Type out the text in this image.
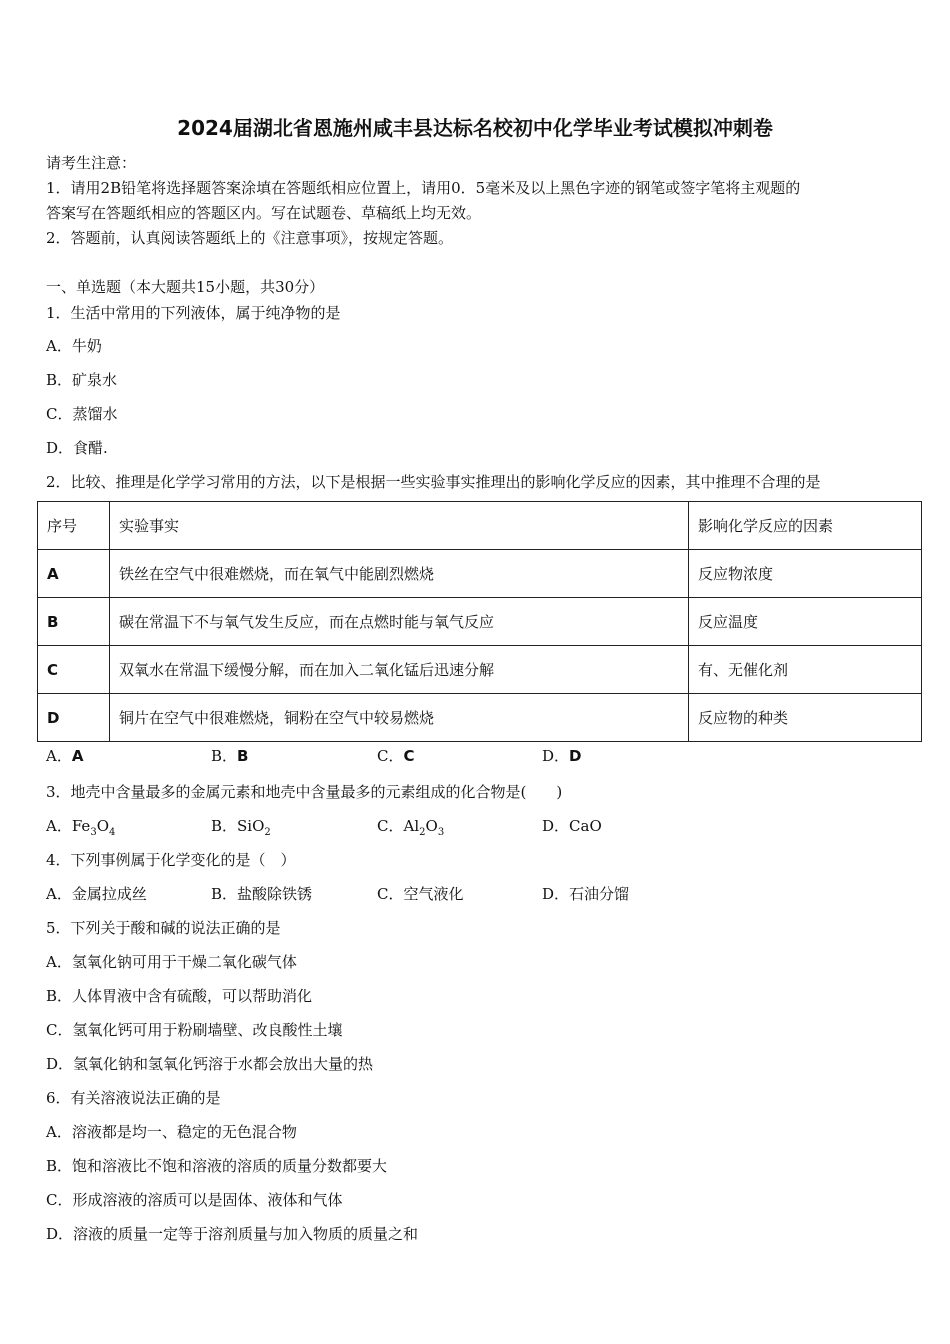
2024届湖北省恩施州咸丰县达标名校初中化学毕业考试模拟冲刺卷
请考生注意：
1．请用2B铅笔将选择题答案涂填在答题纸相应位置上，请用0．5毫米及以上黑色字迹的钢笔或签字笔将主观题的
答案写在答题纸相应的答题区内。写在试题卷、草稿纸上均无效。
2．答题前，认真阅读答题纸上的《注意事项》，按规定答题。
一、单选题（本大题共15小题，共30分）
1．生活中常用的下列液体，属于纯净物的是
A．牛奶
B．矿泉水
C．蒸馏水
D．食醋.
2．比较、推理是化学学习常用的方法，以下是根据一些实验事实推理出的影响化学反应的因素，其中推理不合理的是
序号	实验事实	影响化学反应的因素
A	铁丝在空气中很难燃烧，而在氧气中能剧烈燃烧	反应物浓度
B	碳在常温下不与氧气发生反应，而在点燃时能与氧气反应	反应温度
C	双氧水在常温下缓慢分解，而在加入二氧化锰后迅速分解	有、无催化剂
D	铜片在空气中很难燃烧，铜粉在空气中较易燃烧	反应物的种类
A．A	B．B	C．C	D．D
3．地壳中含量最多的金属元素和地壳中含量最多的元素组成的化合物是(　　)
A．$Fe_3O_4$	B．SiO$_2$	C．$Al_2O_3$	D．CaO
4．下列事例属于化学变化的是（　）
A．金属拉成丝	B．盐酸除铁锈	C．空气液化	D．石油分馏
5．下列关于酸和碱的说法正确的是
A．氢氧化钠可用于干燥二氧化碳气体
B．人体胃液中含有硫酸，可以帮助消化
C．氢氧化钙可用于粉刷墙壁、改良酸性土壤
D．氢氧化钠和氢氧化钙溶于水都会放出大量的热
6．有关溶液说法正确的是
A．溶液都是均一、稳定的无色混合物
B．饱和溶液比不饱和溶液的溶质的质量分数都要大
C．形成溶液的溶质可以是固体、液体和气体
D．溶液的质量一定等于溶剂质量与加入物质的质量之和
